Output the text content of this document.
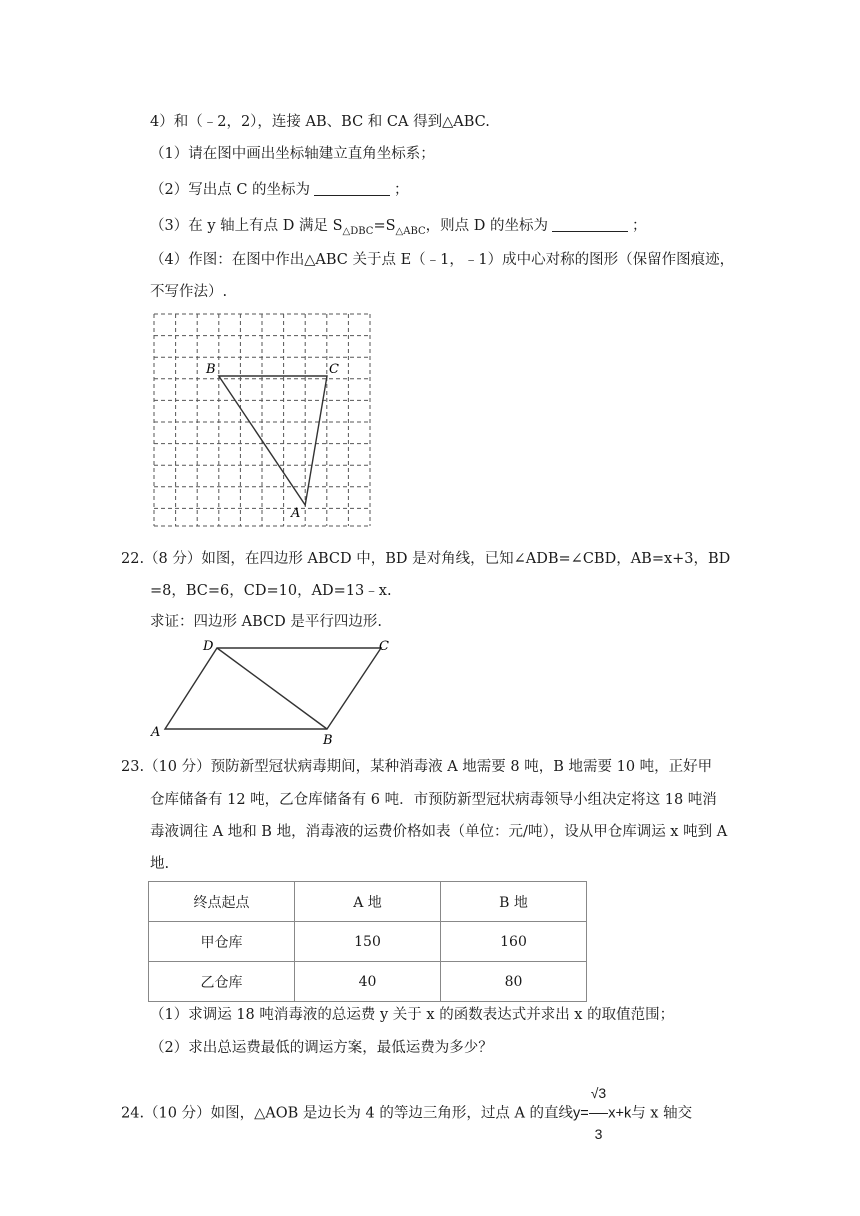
4）和（﹣2，2），连接 AB、BC 和 CA 得到△ABC.
（1）请在图中画出坐标轴建立直角坐标系；
（2）写出点 C 的坐标为	；
（3）在 y 轴上有点 D 满足 $S_{\triangle DBC}=S_{\triangle ABC}$，则点 D 的坐标为	；
（4）作图：在图中作出△ABC 关于点 E（﹣1，﹣1）成中心对称的图形（保留作图痕迹，
不写作法）.
B	C
A
22.（8 分）如图，在四边形 ABCD 中，BD 是对角线，已知∠ADB=∠CBD，AB=x+3，BD
=8，BC=6，CD=10，AD=13﹣x.
求证：四边形 ABCD 是平行四边形.
D	C
A
B
23.（10 分）预防新型冠状病毒期间，某种消毒液 A 地需要 8 吨，B 地需要 10 吨，正好甲
仓库储备有 12 吨，乙仓库储备有 6 吨．市预防新型冠状病毒领导小组决定将这 18 吨消
毒液调往 A 地和 B 地，消毒液的运费价格如表（单位：元/吨），设从甲仓库调运 x 吨到 A
地.
终点起点	A 地	B 地
甲仓库	150	160
乙仓库	40	80
（1）求调运 18 吨消毒液的总运费 y 关于 x 的函数表达式并求出 x 的取值范围；
（2）求出总运费最低的调运方案，最低运费为多少？
24.（10 分）如图，△AOB 是边长为 4 的等边三角形，过点 A 的直线$y= \frac{√3}{3} x+k$与 x 轴交
